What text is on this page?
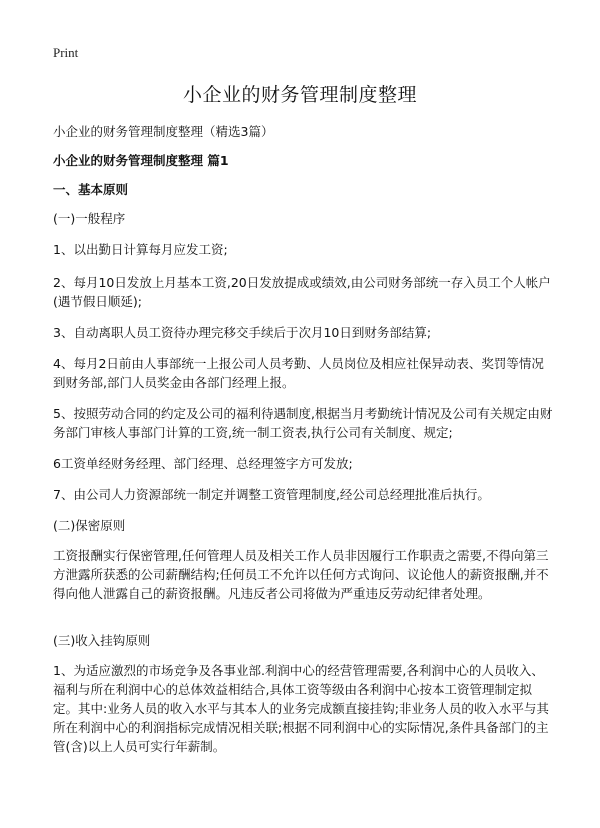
Print
小企业的财务管理制度整理

小企业的财务管理制度整理（精选3篇）

小企业的财务管理制度整理 篇1

一、基本原则

(一)一般程序

1、以出勤日计算每月应发工资;

2、每月10日发放上月基本工资,20日发放提成或绩效,由公司财务部统一存入员工个人帐户(遇节假日顺延);

3、自动离职人员工资待办理完移交手续后于次月10日到财务部结算;

4、每月2日前由人事部统一上报公司人员考勤、人员岗位及相应社保异动表、奖罚等情况到财务部,部门人员奖金由各部门经理上报。

5、按照劳动合同的约定及公司的福利待遇制度,根据当月考勤统计情况及公司有关规定由财务部门审核人事部门计算的工资,统一制工资表,执行公司有关制度、规定;

6工资单经财务经理、部门经理、总经理签字方可发放;

7、由公司人力资源部统一制定并调整工资管理制度,经公司总经理批准后执行。

(二)保密原则

工资报酬实行保密管理,任何管理人员及相关工作人员非因履行工作职责之需要,不得向第三方泄露所获悉的公司薪酬结构;任何员工不允许以任何方式询问、议论他人的薪资报酬,并不得向他人泄露自己的薪资报酬。凡违反者公司将做为严重违反劳动纪律者处理。

(三)收入挂钩原则

1、为适应激烈的市场竞争及各事业部.利润中心的经营管理需要,各利润中心的人员收入、福利与所在利润中心的总体效益相结合,具体工资等级由各利润中心按本工资管理制定拟定。其中:业务人员的收入水平与其本人的业务完成额直接挂钩;非业务人员的收入水平与其所在利润中心的利润指标完成情况相关联;根据不同利润中心的实际情况,条件具备部门的主管(含)以上人员可实行年薪制。
